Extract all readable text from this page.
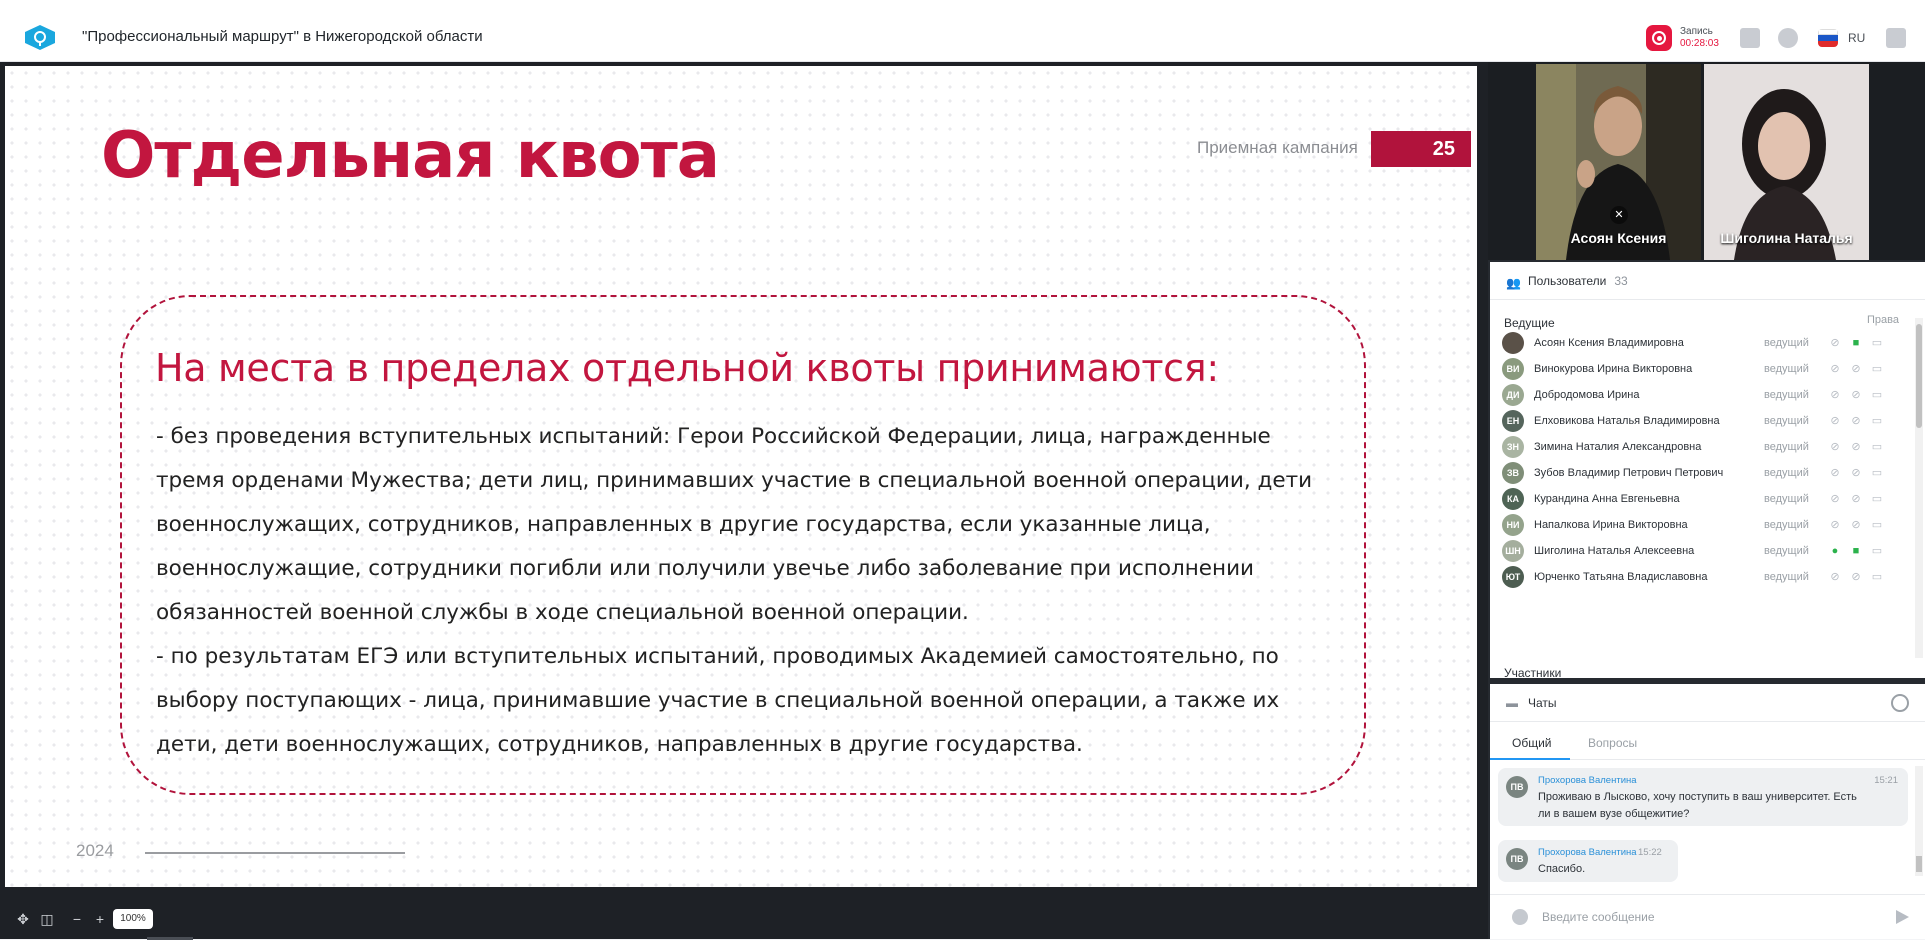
"Профессиональный маршрут" в Нижегородской области	Запись
00:28:03	RU
Отдельная квота	Приемная кампания	25
На места в пределах отдельной квоты принимаются:
- без проведения вступительных испытаний: Герои Российской Федерации, лица, награжденные
тремя орденами Мужества; дети лиц, принимавших участие в специальной военной операции, дети
военнослужащих, сотрудников, направленных в другие государства, если указанные лица,
военнослужащие, сотрудники погибли или получили увечье либо заболевание при исполнении
обязанностей военной службы в ходе специальной военной операции.
- по результатам ЕГЭ или вступительных испытаний, проводимых Академией самостоятельно, по
выбору поступающих - лица, принимавшие участие в специальной военной операции, а также их
дети, дети военнослужащих, сотрудников, направленных в другие государства.
2024
✥ ◫	−	+	100%
✕
Асоян Ксения	Шиголина Наталья
👥 Пользователи 33
Ведущие	Права
Асоян Ксения Владимировна	ведущий	⊘ ■ ▭
ВИ	Винокурова Ирина Викторовна	ведущий	⊘ ⊘ ▭
ДИ	Добродомова Ирина	ведущий	⊘ ⊘ ▭
ЕН	Елховикова Наталья Владимировна	ведущий	⊘ ⊘ ▭
ЗН	Зимина Наталия Александровна	ведущий	⊘ ⊘ ▭
ЗВ	Зубов Владимир Петрович Петрович	ведущий	⊘ ⊘ ▭
КА	Курандина Анна Евгеньевна	ведущий	⊘ ⊘ ▭
НИ	Напалкова Ирина Викторовна	ведущий	⊘ ⊘ ▭
ШН Шиголина Наталья Алексеевна	ведущий	● ■ ▭
ЮТ	Юрченко Татьяна Владиславовна	ведущий	⊘ ⊘ ▭
Участники
▬ Чаты
Общий	Вопросы
ПВ
Прохорова Валентина	15:21
Проживаю в Лысково, хочу поступить в ваш университет. Есть
ли в вашем вузе общежитие?
ПВ
Прохорова Валентина 15:22
Спасибо.
Введите сообщение
